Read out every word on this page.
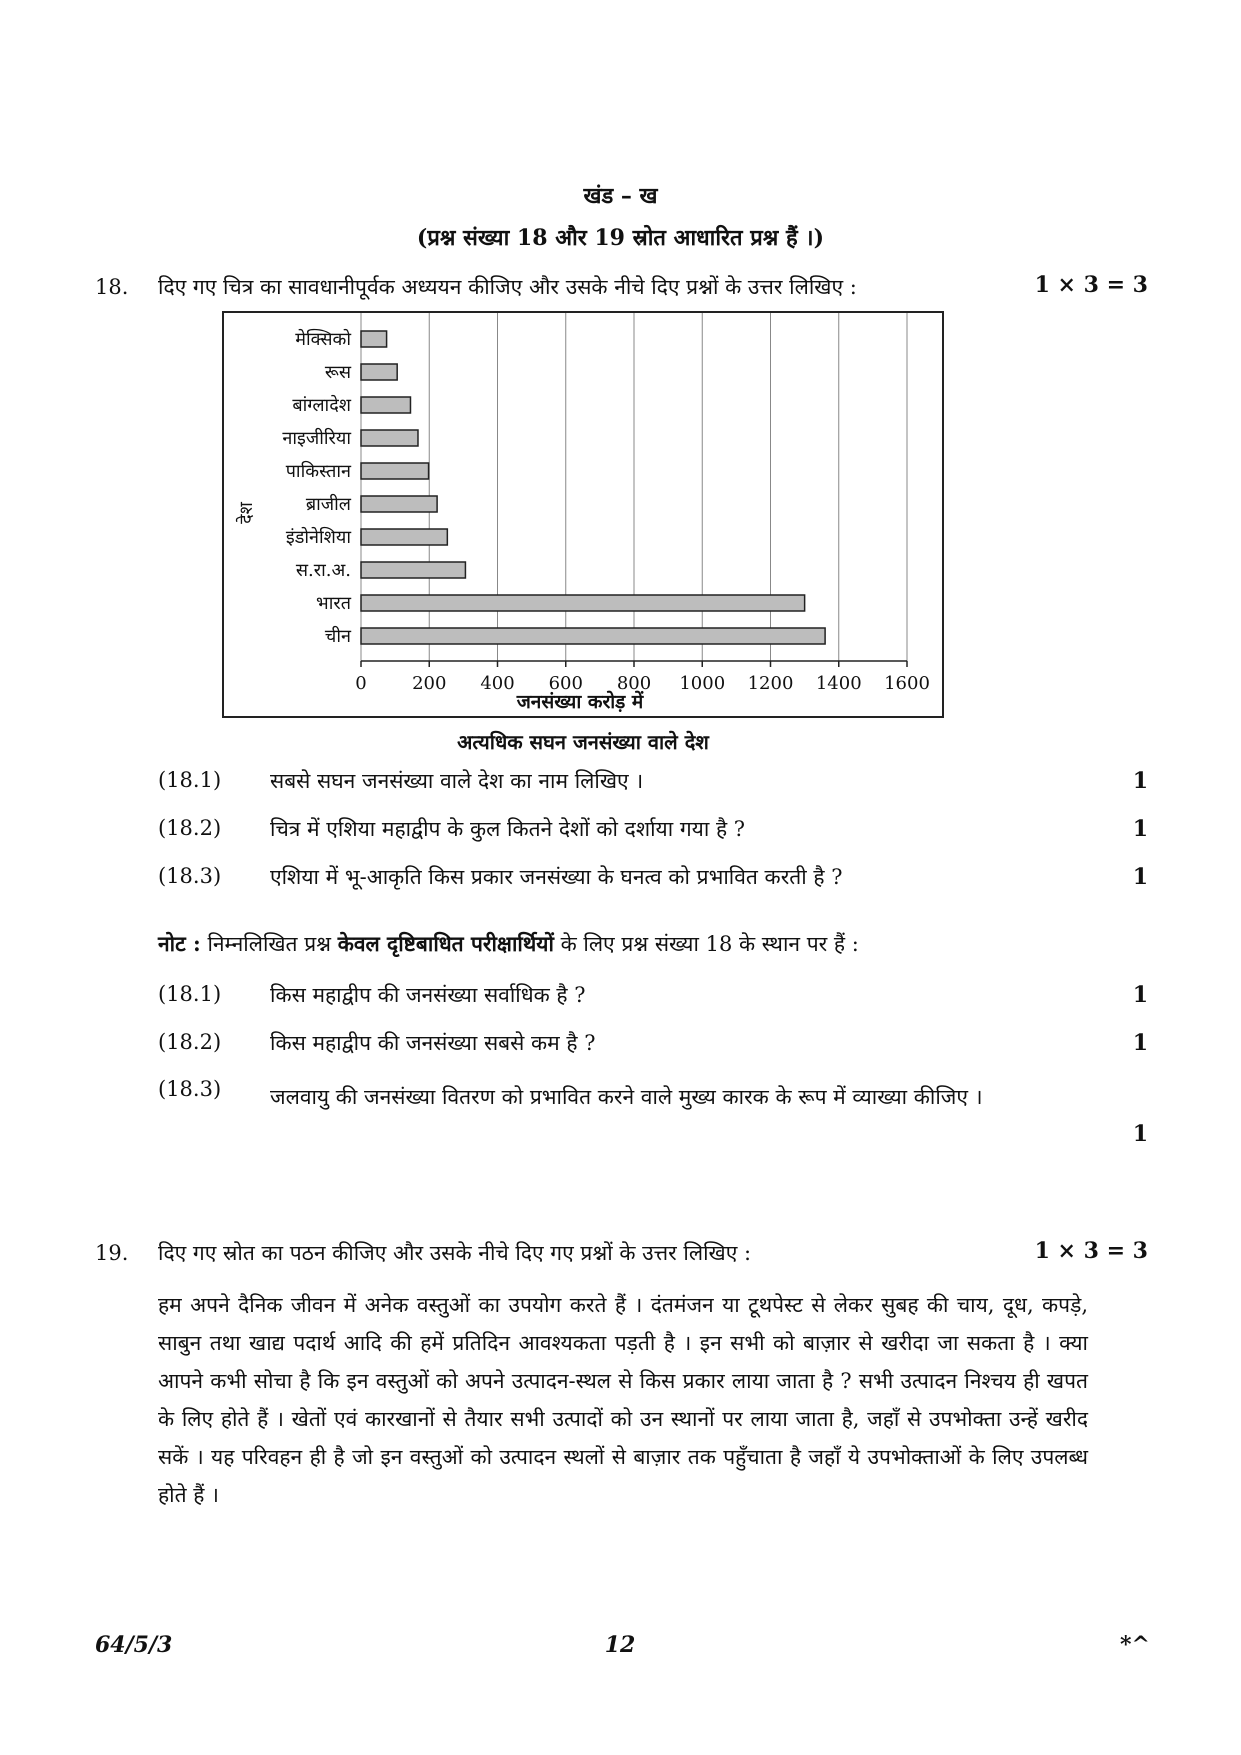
खंड – ख
(प्रश्न संख्या 18 और 19 स्रोत आधारित प्रश्न हैं ।)
18. दिए गए चित्र का सावधानीपूर्वक अध्ययन कीजिए और उसके नीचे दिए प्रश्नों के उत्तर लिखिए :	1 × 3 = 3
मेक्सिको
रूस
बांग्लादेश
नाइजीरिया
पाकिस्तान
ब्राजील
इंडोनेशिया
स.रा.अ.
भारत
चीन
0	200 400 600 800 1000 1200 1400 1600
जनसंख्या करोड़ में
देश
अत्यधिक सघन जनसंख्या वाले देश
(18.1) सबसे सघन जनसंख्या वाले देश का नाम लिखिए ।	1
(18.2) चित्र में एशिया महाद्वीप के कुल कितने देशों को दर्शाया गया है ?	1
(18.3) एशिया में भू-आकृति किस प्रकार जनसंख्या के घनत्व को प्रभावित करती है ?	1
नोट : निम्नलिखित प्रश्न केवल दृष्टिबाधित परीक्षार्थियों के लिए प्रश्न संख्या 18 के स्थान पर हैं :
(18.1) किस महाद्वीप की जनसंख्या सर्वाधिक है ?	1
(18.2) किस महाद्वीप की जनसंख्या सबसे कम है ?	1
(18.3) जलवायु की जनसंख्या वितरण को प्रभावित करने वाले मुख्य कारक के रूप में व्याख्या कीजिए ।
1
19. दिए गए स्रोत का पठन कीजिए और उसके नीचे दिए गए प्रश्नों के उत्तर लिखिए :	1 × 3 = 3
हम अपने दैनिक जीवन में अनेक वस्तुओं का उपयोग करते हैं । दंतमंजन या टूथपेस्ट से लेकर सुबह की चाय, दूध, कपड़े, साबुन तथा खाद्य पदार्थ आदि की हमें प्रतिदिन आवश्यकता पड़ती है । इन सभी को बाज़ार से खरीदा जा सकता है । क्या आपने कभी सोचा है कि इन वस्तुओं को अपने उत्पादन-स्थल से किस प्रकार लाया जाता है ? सभी उत्पादन निश्चय ही खपत के लिए होते हैं । खेतों एवं कारखानों से तैयार सभी उत्पादों को उन स्थानों पर लाया जाता है, जहाँ से उपभोक्ता उन्हें खरीद सकें । यह परिवहन ही है जो इन वस्तुओं को उत्पादन स्थलों से बाज़ार तक पहुँचाता है जहाँ ये उपभोक्ताओं के लिए उपलब्ध होते हैं ।
64/5/3	12	*^
